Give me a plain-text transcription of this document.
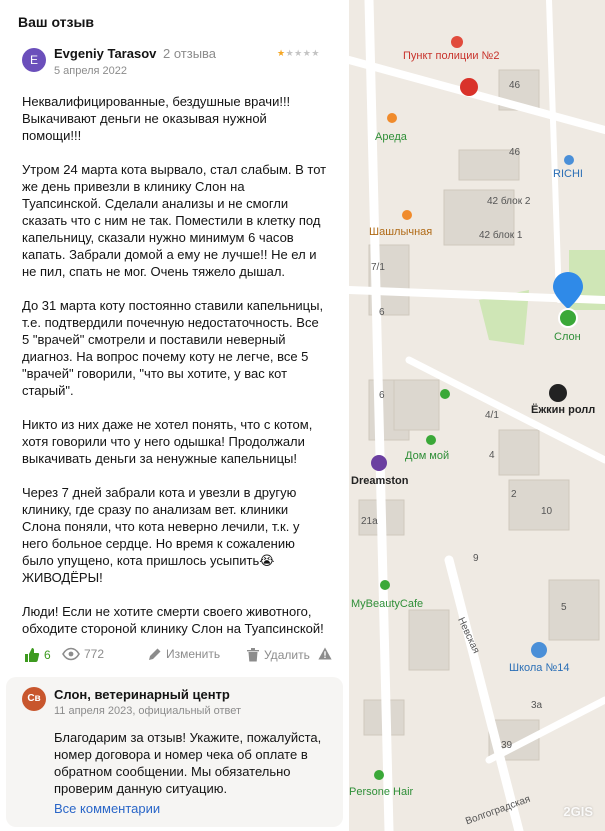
Ваш отзыв
E	Evgeniy Tarasov 2 отзыва
5 апреля 2022
★★★★★

Неквалифицированные, бездушные врачи!!! Выкачивают деньги не оказывая нужной помощи!!!

Утром 24 марта кота вырвало, стал слабым. В тот же день привезли в клинику Слон на Туапсинской. Сделали анализы и не смогли сказать что с ним не так. Поместили в клетку под капельницу, сказали нужно минимум 6 часов капать. Забрали домой а ему не лучше!! Не ел и не пил, спать не мог. Очень тяжело дышал.

До 31 марта коту постоянно ставили капельницы, т.е. подтвердили почечную недостаточность. Все 5 "врачей" смотрели и поставили неверный диагноз. На вопрос почему коту не легче, все 5 "врачей" говорили, "что вы хотите, у вас кот старый".

Никто из них даже не хотел понять, что с котом, хотя говорили что у него одышка! Продолжали выкачивать деньги за ненужные капельницы!

Через 7 дней забрали кота и увезли в другую клинику, где сразу по анализам вет. клиники Слона поняли, что кота неверно лечили, т.к. у него больное сердце. Но время к сожалению было упущено, кота пришлось усыпить😭 ЖИВОДЁРЫ!

Люди! Если не хотите смерти своего животного, обходите стороной клинику Слон на Туапсинской!

6	772	Изменить	Удалить
Св	Слон, ветеринарный центр
11 апреля 2023, официальный ответ
Благодарим за отзыв! Укажите, пожалуйста, номер договора и номер чека об оплате в обратном сообщении. Мы обязательно проверим данную ситуацию.
Все комментарии
Пункт полиции №2
Ареда
RICHI
Шашлычная
Слон
Ёжкин ролл
Дом мой
Dreamston
MyBeautyCafe
Школа №14
Persone Hair
Невская
Волгоградская
46
46
42 блок 2
42 блок 1
7/1
6
6
4/1
4
2
10
21а
9
5
3а
39
2GIS
